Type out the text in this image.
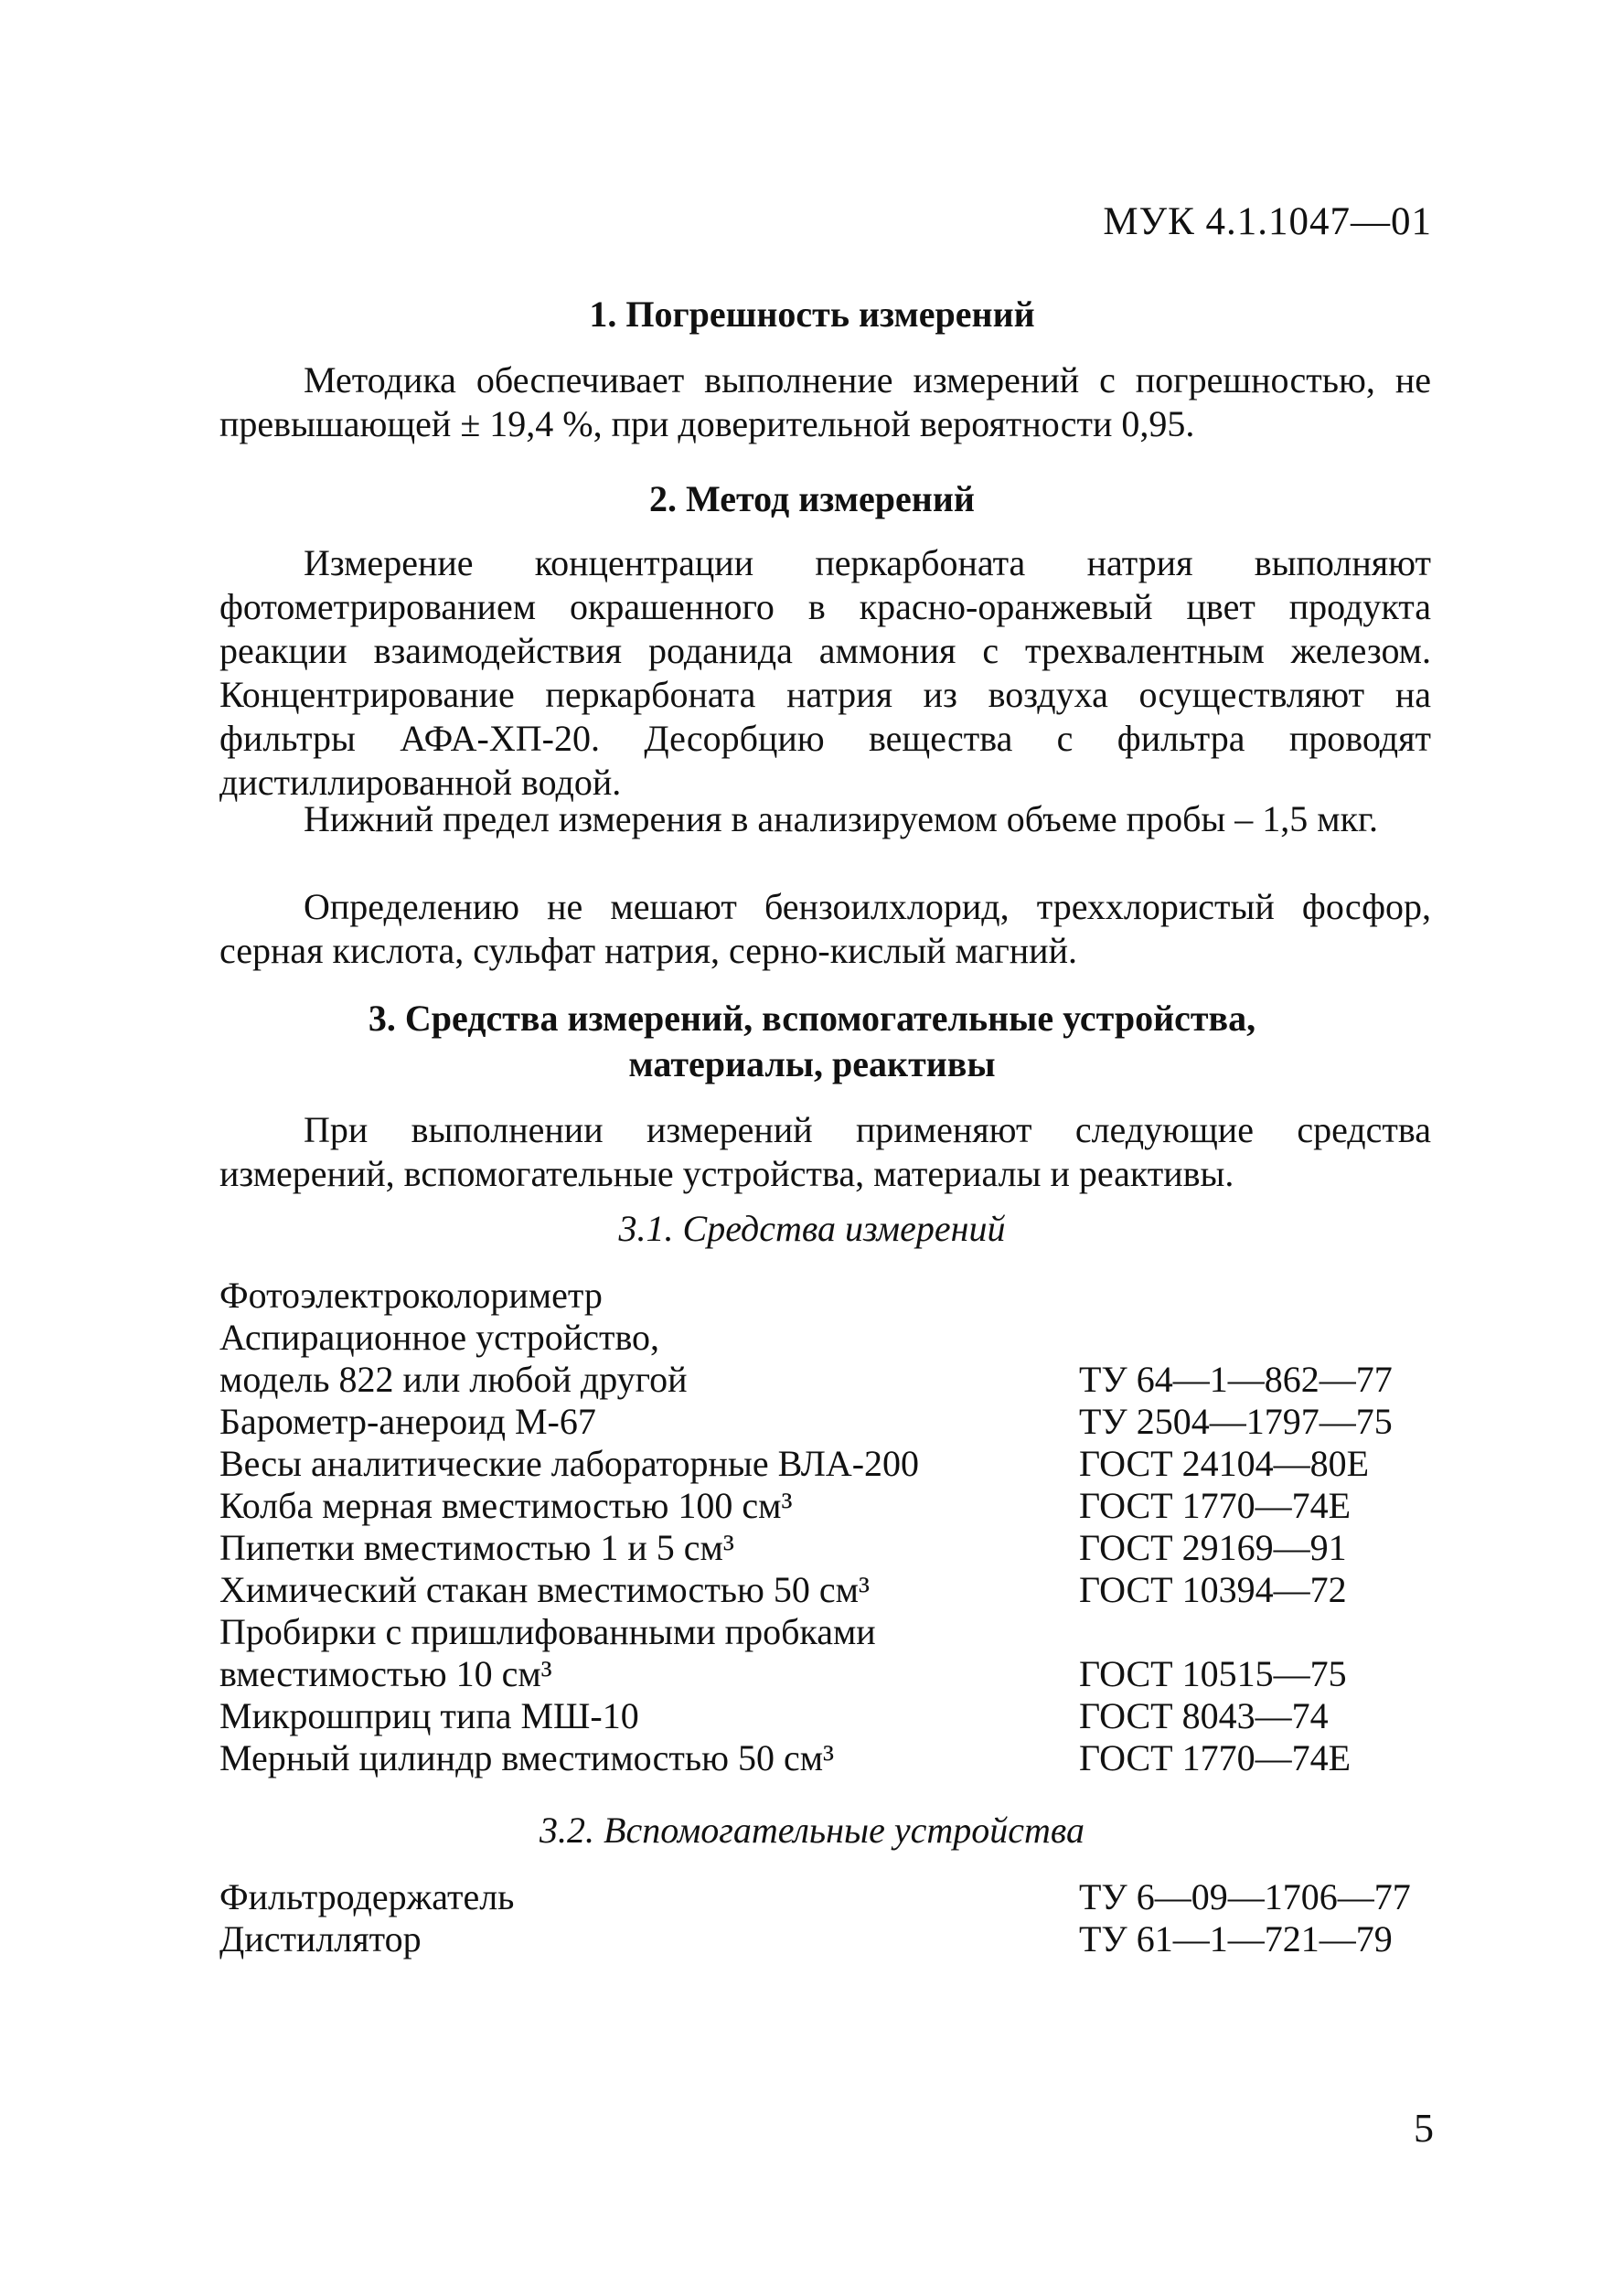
МУК 4.1.1047—01
1. Погрешность измерений
Методика обеспечивает выполнение измерений с погрешностью, не превышающей ± 19,4 %, при доверительной вероятности 0,95.
2. Метод измерений
Измерение концентрации перкарбоната натрия выполняют фотометрированием окрашенного в красно-оранжевый цвет продукта реакции взаимодействия роданида аммония с трехвалентным железом. Концентрирование перкарбоната натрия из воздуха осуществляют на фильтры АФА-ХП-20. Десорбцию вещества с фильтра проводят дистиллированной водой.
Нижний предел измерения в анализируемом объеме пробы – 1,5 мкг.
Определению не мешают бензоилхлорид, треххлористый фосфор, серная кислота, сульфат натрия, серно-кислый магний.
3. Средства измерений, вспомогательные устройства,
материалы, реактивы
При выполнении измерений применяют следующие средства измерений, вспомогательные устройства, материалы и реактивы.
3.1. Средства измерений
Фотоэлектроколориметр
Аспирационное устройство,
модель 822 или любой другой	ТУ 64—1—862—77
Барометр-анероид М-67	ТУ 2504—1797—75
Весы аналитические лабораторные ВЛА-200	ГОСТ 24104—80Е
Колба мерная вместимостью 100 см³	ГОСТ 1770—74Е
Пипетки вместимостью 1 и 5 см³	ГОСТ 29169—91
Химический стакан вместимостью 50 см³	ГОСТ 10394—72
Пробирки с пришлифованными пробками
вместимостью 10 см³	ГОСТ 10515—75
Микрошприц типа МШ-10	ГОСТ 8043—74
Мерный цилиндр вместимостью 50 см³	ГОСТ 1770—74Е
3.2. Вспомогательные устройства
Фильтродержатель	ТУ 6—09—1706—77
Дистиллятор	ТУ 61—1—721—79
5
